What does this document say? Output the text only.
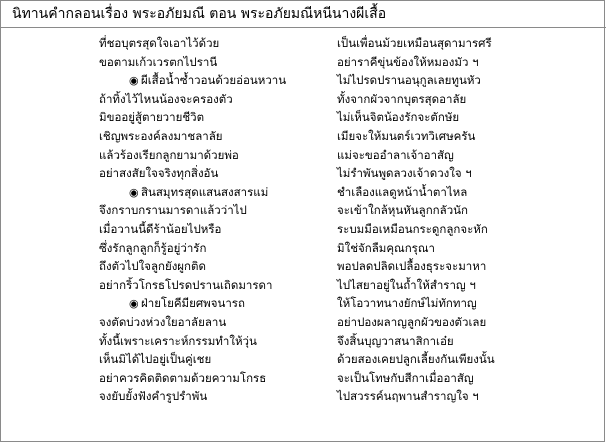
นิทานคำกลอนเรื่อง พระอภัยมณี ตอน พระอภัยมณีหนีนางผีเสื้อ
ที่ชอบุตรสุดใจเอาไว้ด้วย	เป็นเพื่อนม้วยเหมือนสุดามารศรี
ขอตามเก้วเวรตกไปรานี	อย่าราคีขุ่นข้องให้หมองมัว ฯ
◉ ผีเสื้อน้ำซ้ำวอนด้วยอ่อนหวาน	ไม่ไปรดปรานอนุกูลเลยทูนหัว
ถ้าทิ้งไว้ไหนน้องจะครองตัว	ทั้งจากผัวจากบุตรสุดอาลัย
มิขออยู่สู้ตายวายชีวิต	ไม่เห็นจิตน้องรักจะตักษัย
เชิญพระองค์ลงมาชลาลัย	เมียจะให้มนตร์เวทวิเศษครัน
แล้วร้องเรียกลูกยามาด้วยพ่อ	แม่จะขออำลาเจ้าอาสัญ
อย่าสงสัยใจจริงทุกสิ่งอัน	ไม่รำพันพูดลวงเจ้าดวงใจ ฯ
◉ สินสมุทรสุดแสนสงสารแม่	ชำเลืองแลดูหน้าน้ำตาไหล
จึงกราบกรานมารดาแล้วว่าไป	จะเข้าใกล้หุนหันลูกกลัวนัก
เมื่อวานนี้ดีร้าน้อยไปหรือ	ระบมมือเหมือนกระดูกลูกจะหัก
ซึ่งรักลูกลูกก็รู้อยู่ว่ารัก	มิใช่จักลืมคุณกรุณา
ถึงตัวไปใจลูกยังผูกติด	พอปลดปลิดเปลื้องธุระจะมาหา
อย่ากริ้วโกรธโปรดปรานเถิดมารดา	ไปไสยาอยู่ในถ้ำให้สำราญ ฯ
◉ ฝ่ายโยคีมียศพจนารถ	ให้โอวาทนางยักษ์ไม่ทักทาญ
จงตัดบ่วงห่วงใยอาลัยลาน	อย่าปองผลาญลูกผัวของตัวเลย
ทั้งนี้เพราะเคราะห์กรรมทำให้วุ่น	จึงสิ้นบุญวาสนาสิกาเอ๋ย
เห็นมิได้ไปอยู่เป็นคู่เชย	ด้วยสองเคยปลูกเลี้ยงกันเพียงนั้น
อย่าควรคิดติดตามด้วยความโกรธ	จะเป็นโทษกับสีกาเมื่ออาสัญ
จงยับยั้งฟังคำรูปรำพัน	ไปสวรรค์นฤพานสำราญใจ ฯ
